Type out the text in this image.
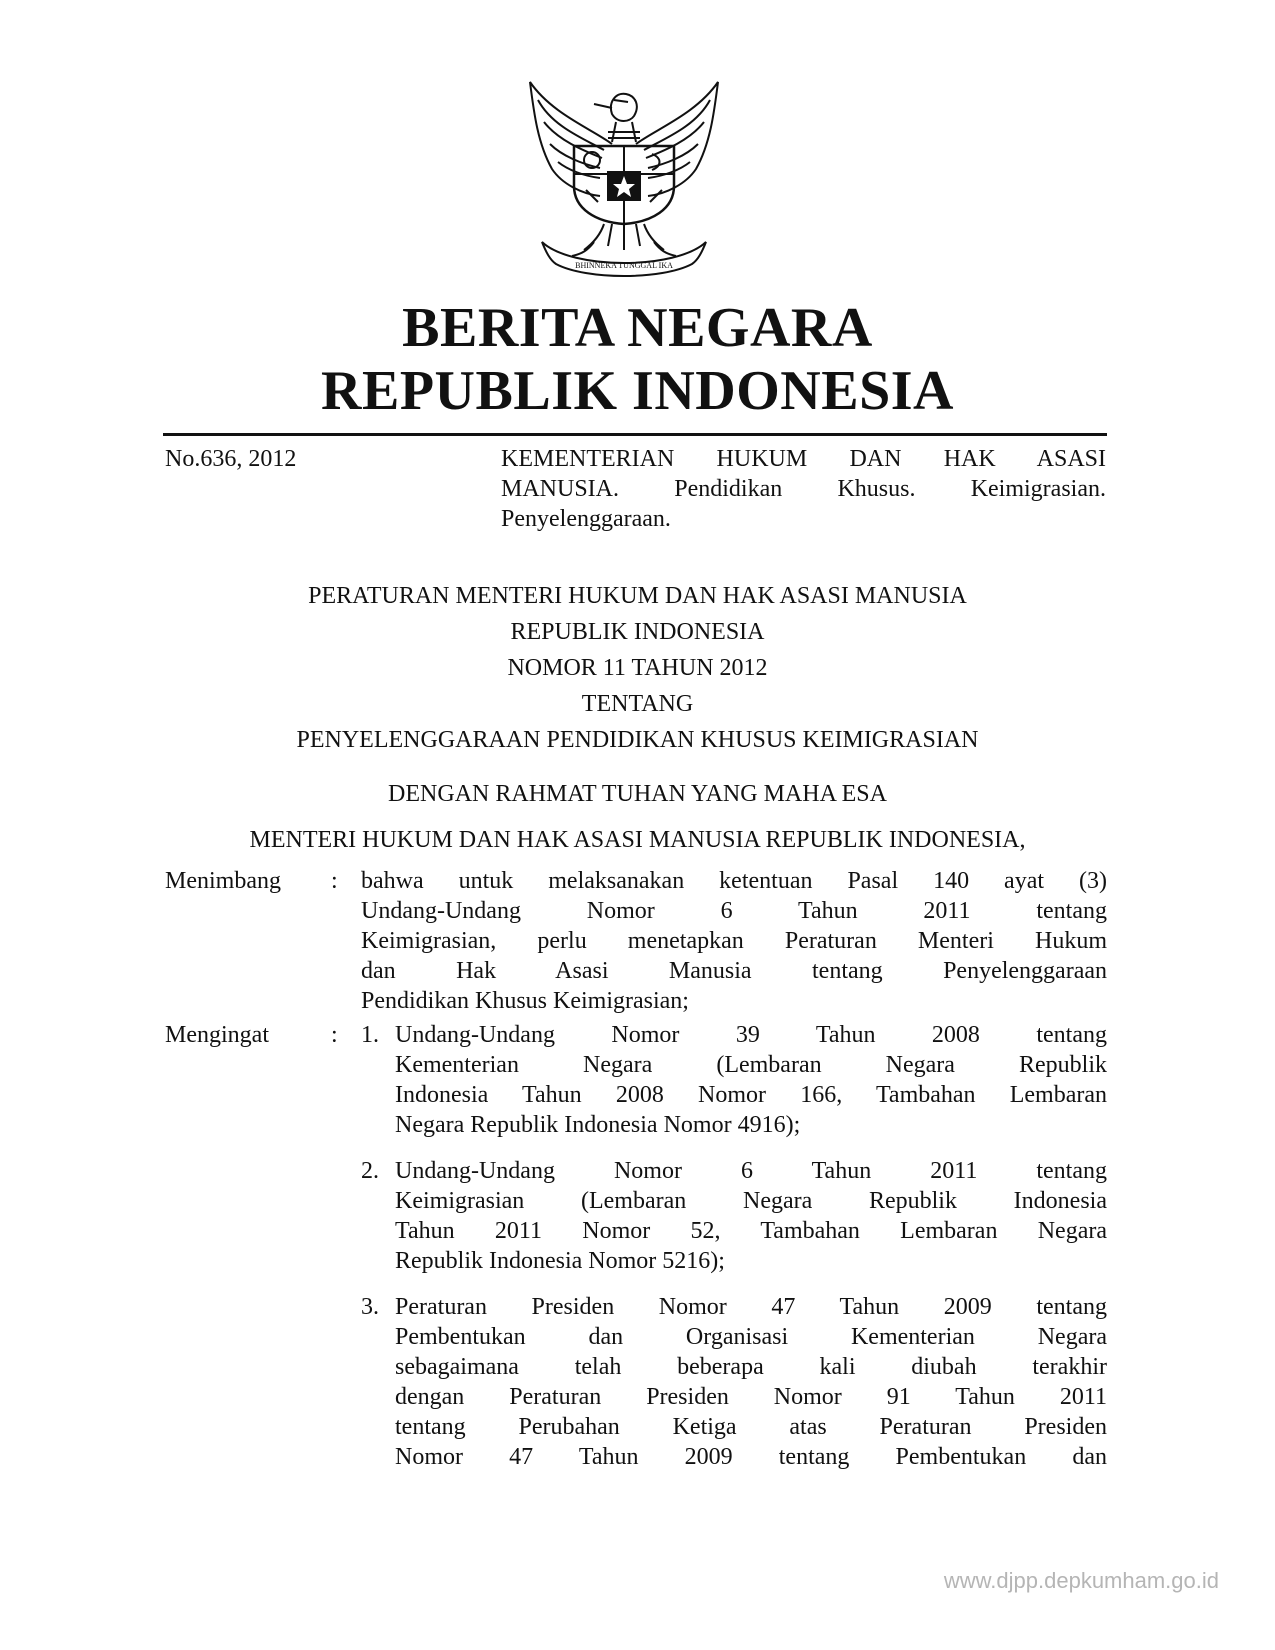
BHINNEKA TUNGGAL IKA
BERITA NEGARA
REPUBLIK INDONESIA
No.636, 2012	KEMENTERIAN HUKUM DAN HAK ASASI
MANUSIA. Pendidikan Khusus. Keimigrasian.
Penyelenggaraan.
PERATURAN MENTERI HUKUM DAN HAK ASASI MANUSIA
REPUBLIK INDONESIA
NOMOR 11 TAHUN 2012
TENTANG
PENYELENGGARAAN PENDIDIKAN KHUSUS KEIMIGRASIAN
DENGAN RAHMAT TUHAN YANG MAHA ESA
MENTERI HUKUM DAN HAK ASASI MANUSIA REPUBLIK INDONESIA,
Menimbang : bahwa untuk melaksanakan ketentuan Pasal 140 ayat (3)
Undang-Undang Nomor 6 Tahun 2011 tentang
Keimigrasian, perlu menetapkan Peraturan Menteri Hukum
dan Hak Asasi Manusia tentang Penyelenggaraan
Pendidikan Khusus Keimigrasian;
Mengingat	: 1. Undang-Undang Nomor 39 Tahun 2008 tentang
Kementerian Negara (Lembaran Negara Republik
Indonesia Tahun 2008 Nomor 166, Tambahan Lembaran
Negara Republik Indonesia Nomor 4916);
2. Undang-Undang Nomor 6 Tahun 2011 tentang
Keimigrasian (Lembaran Negara Republik Indonesia
Tahun 2011 Nomor 52, Tambahan Lembaran Negara
Republik Indonesia Nomor 5216);
3. Peraturan Presiden Nomor 47 Tahun 2009 tentang
Pembentukan dan Organisasi Kementerian Negara
sebagaimana telah beberapa kali diubah terakhir
dengan Peraturan Presiden Nomor 91 Tahun 2011
tentang Perubahan Ketiga atas Peraturan Presiden
Nomor 47 Tahun 2009 tentang Pembentukan dan
www.djpp.depkumham.go.id
